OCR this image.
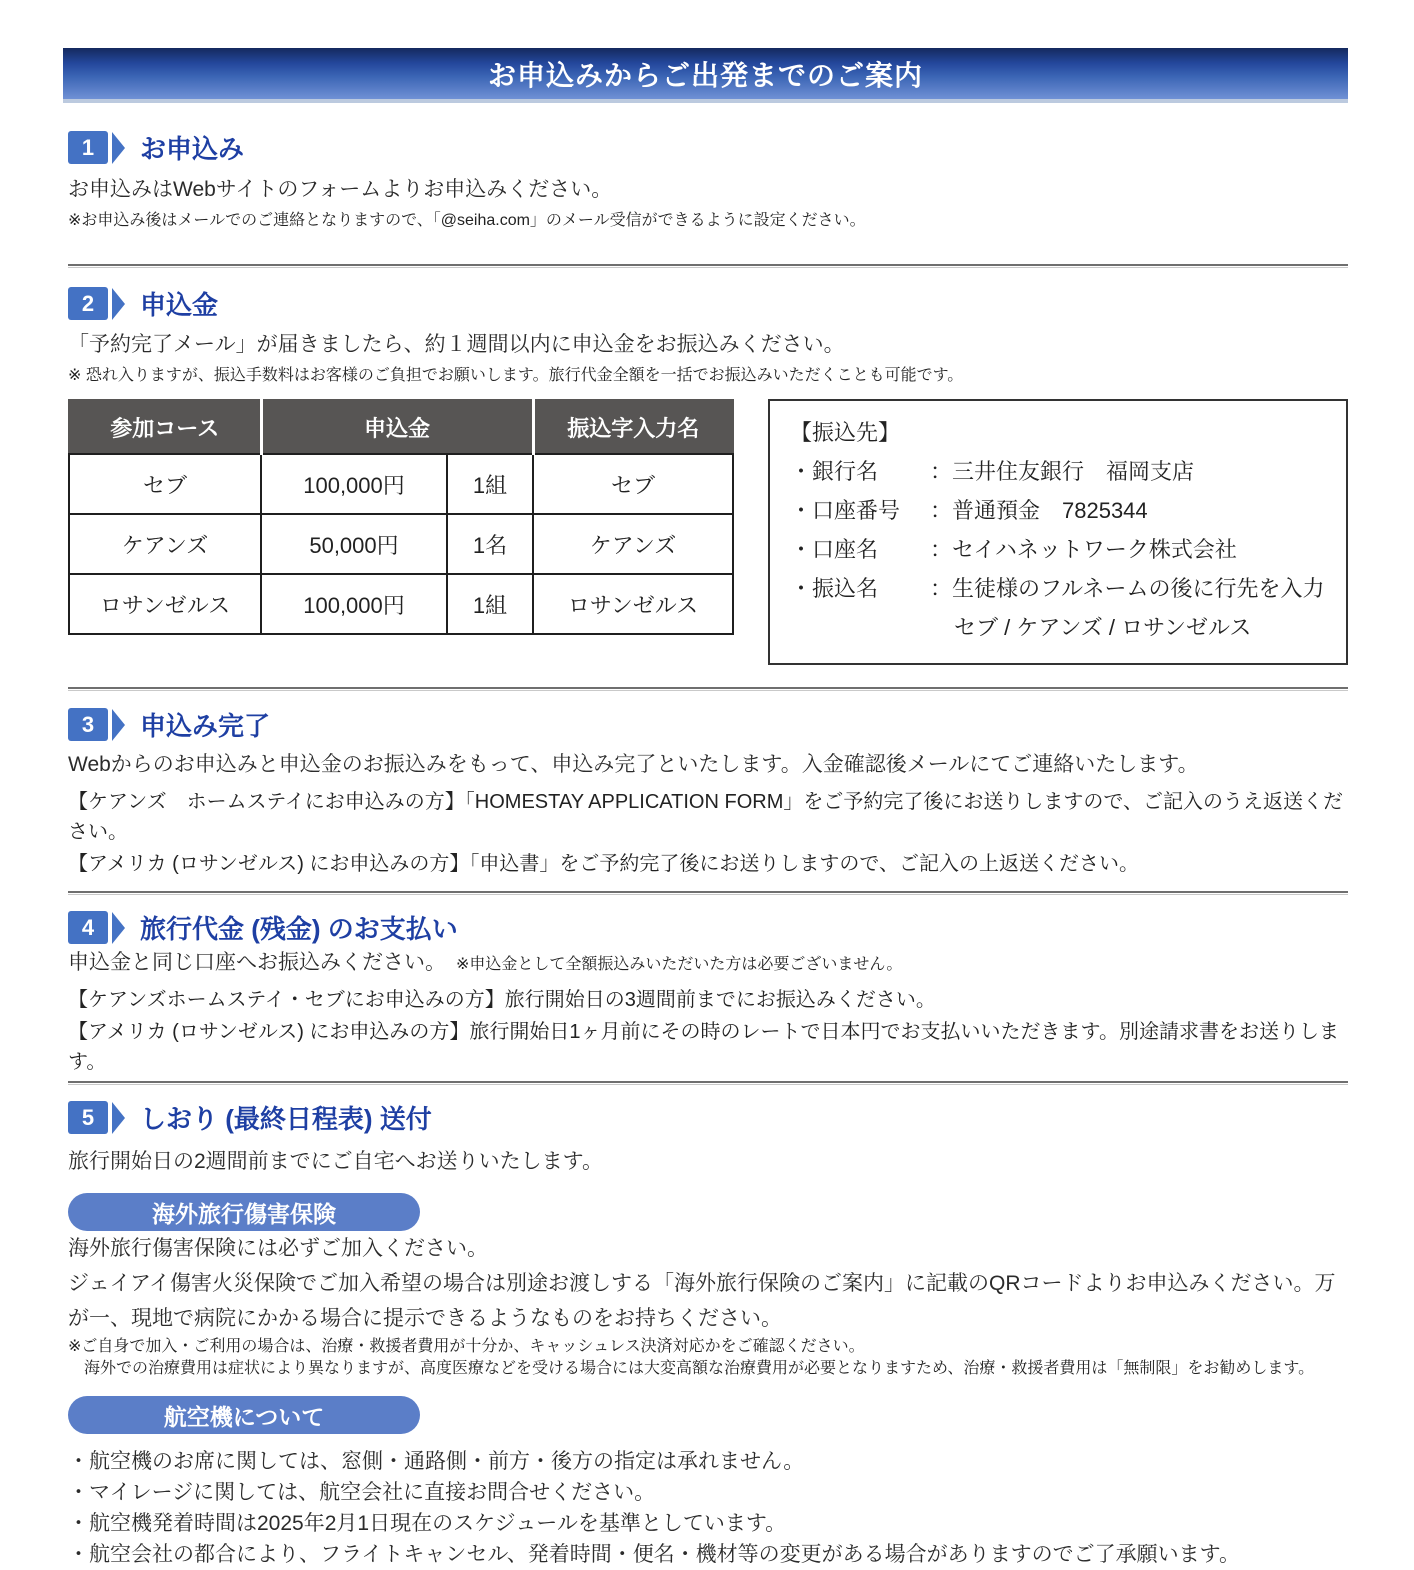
お申込みからご出発までのご案内
1	お申込み

お申込みはWebサイトのフォームよりお申込みください。

※お申込み後はメールでのご連絡となりますので、「@seiha.com」のメール受信ができるように設定ください。

2	申込金

「予約完了メール」が届きましたら、約１週間以内に申込金をお振込みください。

※ 恐れ入りますが、振込手数料はお客様のご負担でお願いします。旅行代金全額を一括でお振込みいただくことも可能です。

参加コース	申込金		振込字入力名
セブ	100,000円	1組	セブ
ケアンズ	50,000円	1名	ケアンズ
ロサンゼルス	100,000円	1組	ロサンゼルス
【振込先】
・銀行名	：三井住友銀行　福岡支店
・口座番号	：普通預金　7825344
・口座名	：セイハネットワーク株式会社
・振込名	：生徒様のフルネームの後に行先を入力
セブ / ケアンズ / ロサンゼルス
3	申込み完了

Webからのお申込みと申込金のお振込みをもって、申込み完了といたします。入金確認後メールにてご連絡いたします。

【ケアンズ　ホームステイにお申込みの方】「HOMESTAY APPLICATION FORM」をご予約完了後にお送りしますので、ご記入のうえ返送ください。

【アメリカ (ロサンゼルス) にお申込みの方】「申込書」をご予約完了後にお送りしますので、ご記入の上返送ください。

4	旅行代金 (残金) のお支払い

申込金と同じ口座へお振込みください。 ※申込金として全額振込みいただいた方は必要ございません。

【ケアンズホームステイ・セブにお申込みの方】旅行開始日の3週間前までにお振込みください。

【アメリカ (ロサンゼルス) にお申込みの方】旅行開始日1ヶ月前にその時のレートで日本円でお支払いいただきます。別途請求書をお送りします。

5	しおり (最終日程表) 送付

旅行開始日の2週間前までにご自宅へお送りいたします。

海外旅行傷害保険

海外旅行傷害保険には必ずご加入ください。

ジェイアイ傷害火災保険でご加入希望の場合は別途お渡しする「海外旅行保険のご案内」に記載のQRコードよりお申込みください。万が一、現地で病院にかかる場合に提示できるようなものをお持ちください。

※ご自身で加入・ご利用の場合は、治療・救援者費用が十分か、キャッシュレス決済対応かをご確認ください。

海外での治療費用は症状により異なりますが、高度医療などを受ける場合には大変高額な治療費用が必要となりますため、治療・救援者費用は「無制限」をお勧めします。

航空機について

・航空機のお席に関しては、窓側・通路側・前方・後方の指定は承れません。

・マイレージに関しては、航空会社に直接お問合せください。

・航空機発着時間は2025年2月1日現在のスケジュールを基準としています。

・航空会社の都合により、フライトキャンセル、発着時間・便名・機材等の変更がある場合がありますのでご了承願います。
